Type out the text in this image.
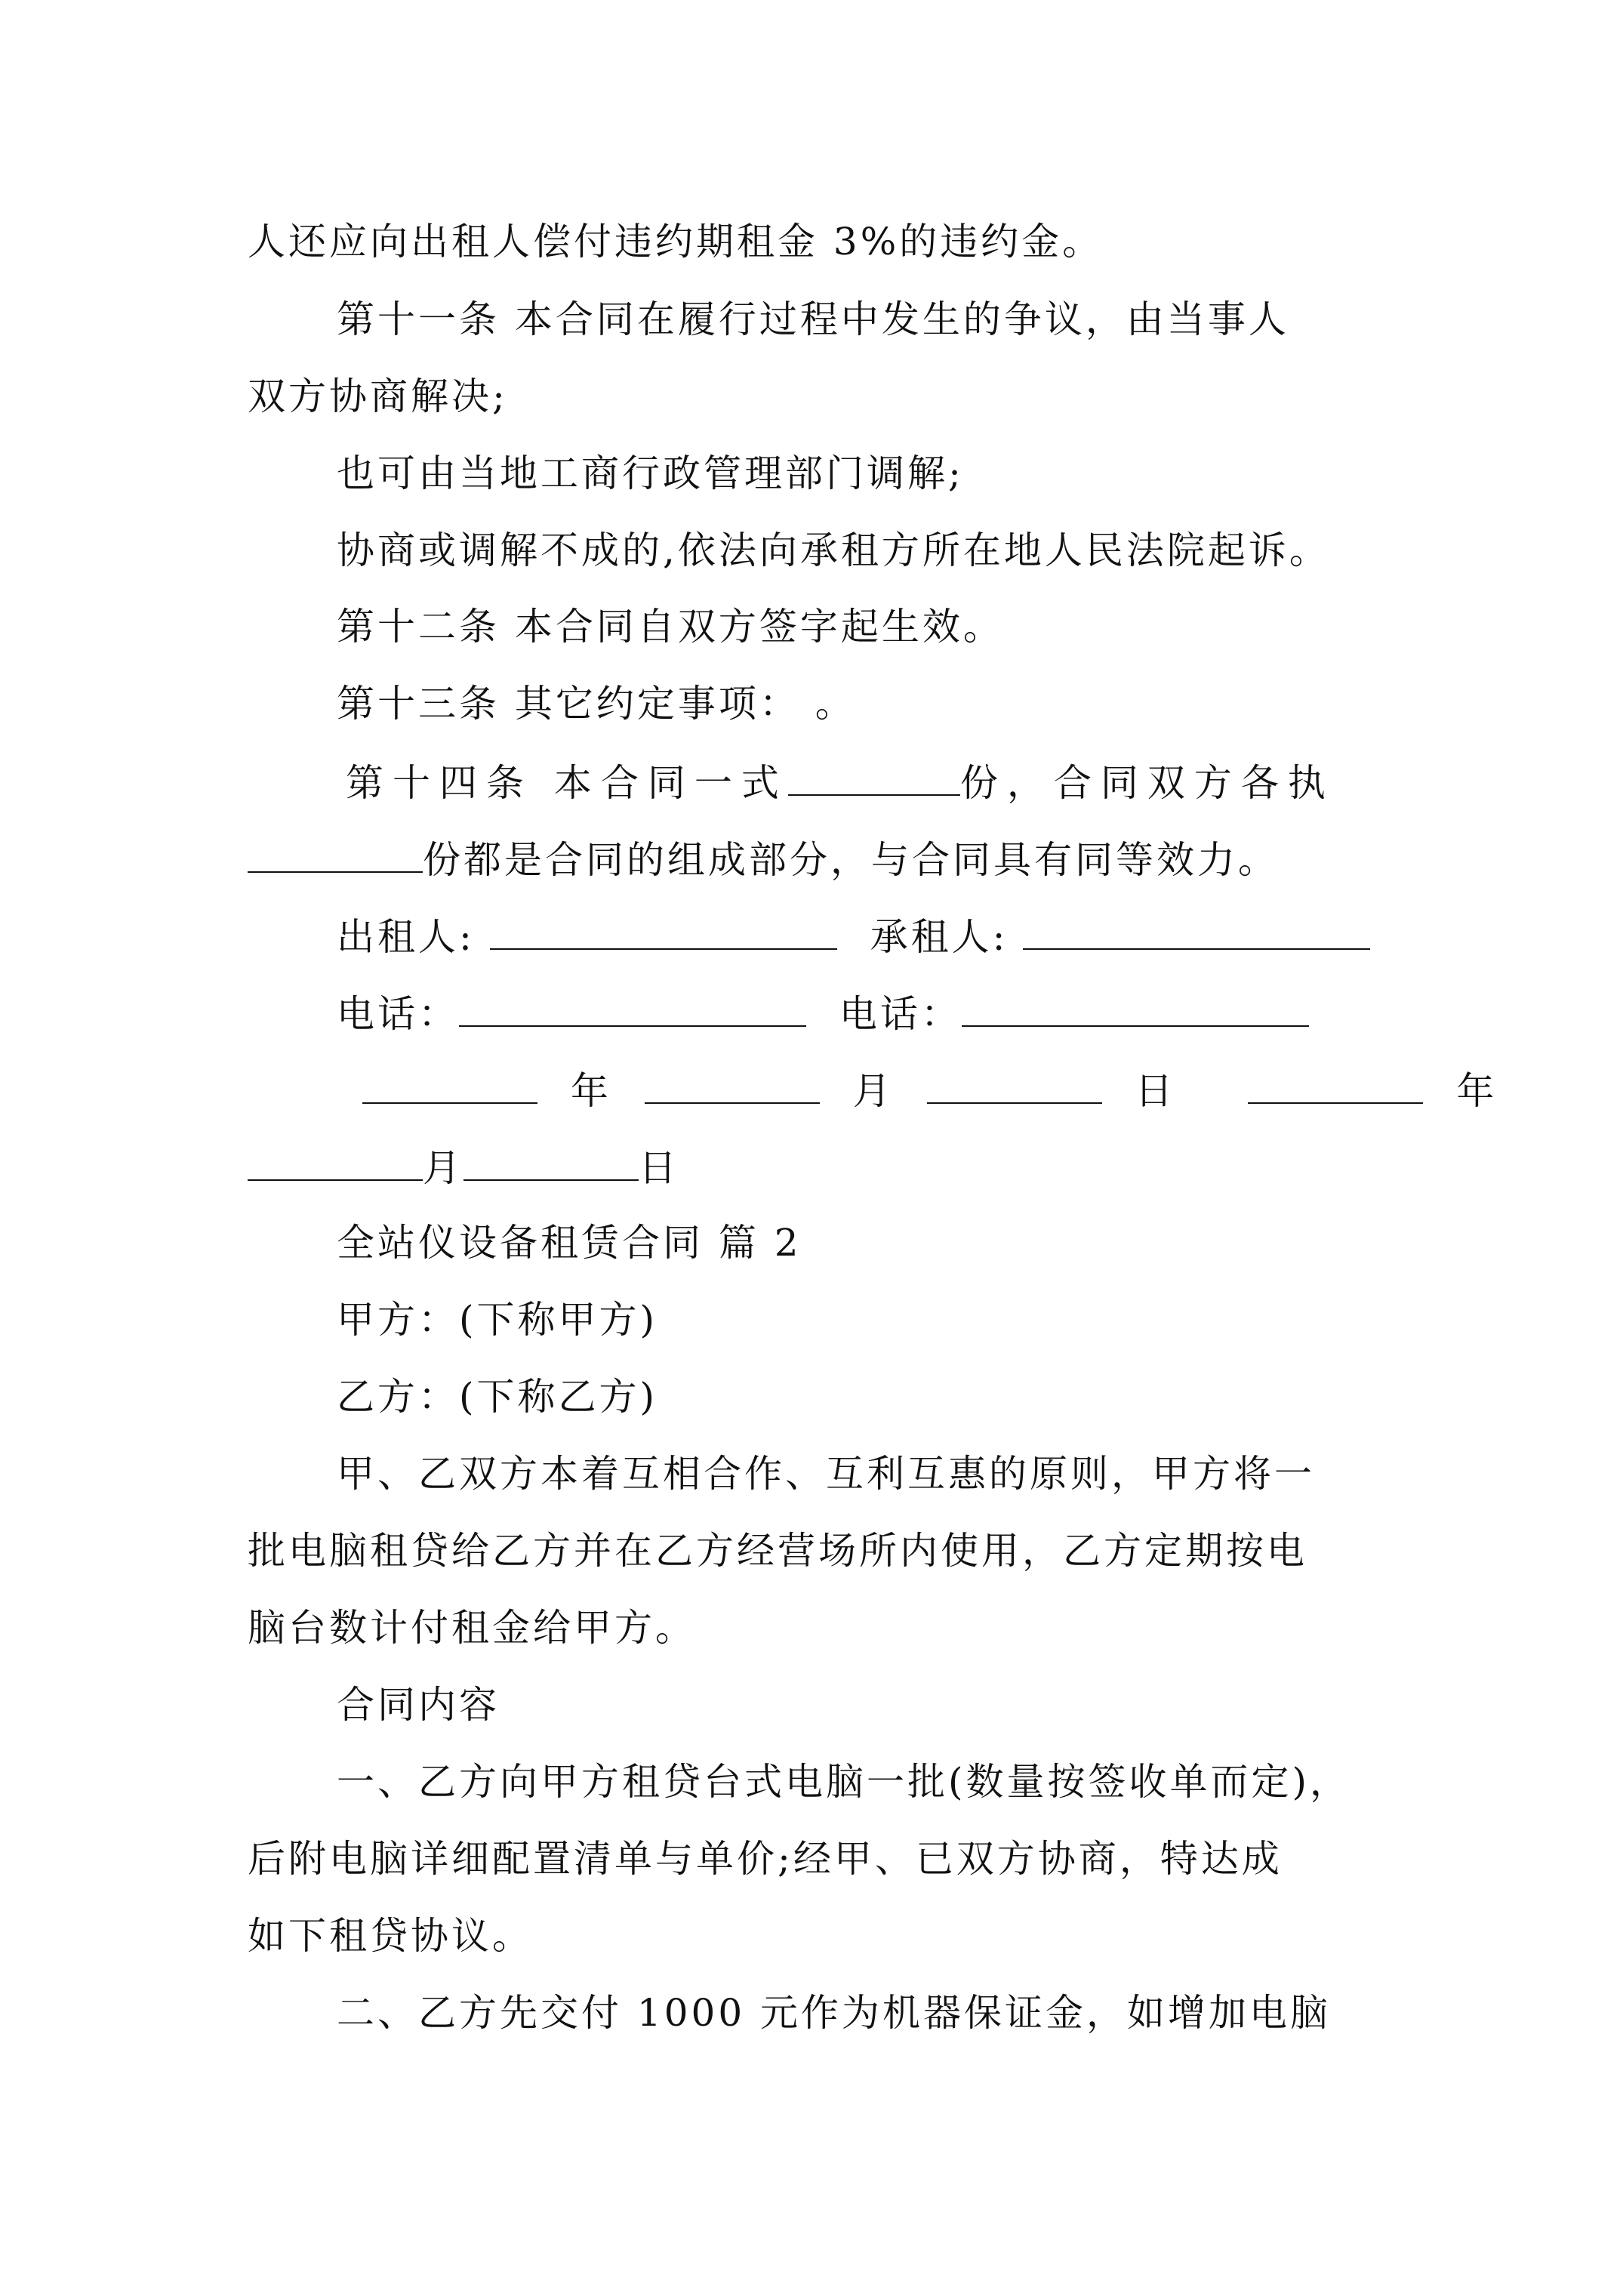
人还应向出租人偿付违约期租金 3%的违约金。
第十一条 本合同在履行过程中发生的争议，由当事人
双方协商解决;
也可由当地工商行政管理部门调解;
协商或调解不成的,依法向承租方所在地人民法院起诉。
第十二条 本合同自双方签字起生效。
第十三条 其它约定事项： 。
第十四条 本合同一式	份，合同双方各执
份都是合同的组成部分，与合同具有同等效力。
出租人:	承租人:
电话：	电话：
年	月	日	年
月	日
全站仪设备租赁合同 篇 2
甲方：(下称甲方)
乙方：(下称乙方)
甲、乙双方本着互相合作、互利互惠的原则，甲方将一
批电脑租贷给乙方并在乙方经营场所内使用，乙方定期按电
脑台数计付租金给甲方。
合同内容
一、乙方向甲方租贷台式电脑一批(数量按签收单而定)，
后附电脑详细配置清单与单价;经甲、已双方协商，特达成
如下租贷协议。
二、乙方先交付 1000 元作为机器保证金，如增加电脑
